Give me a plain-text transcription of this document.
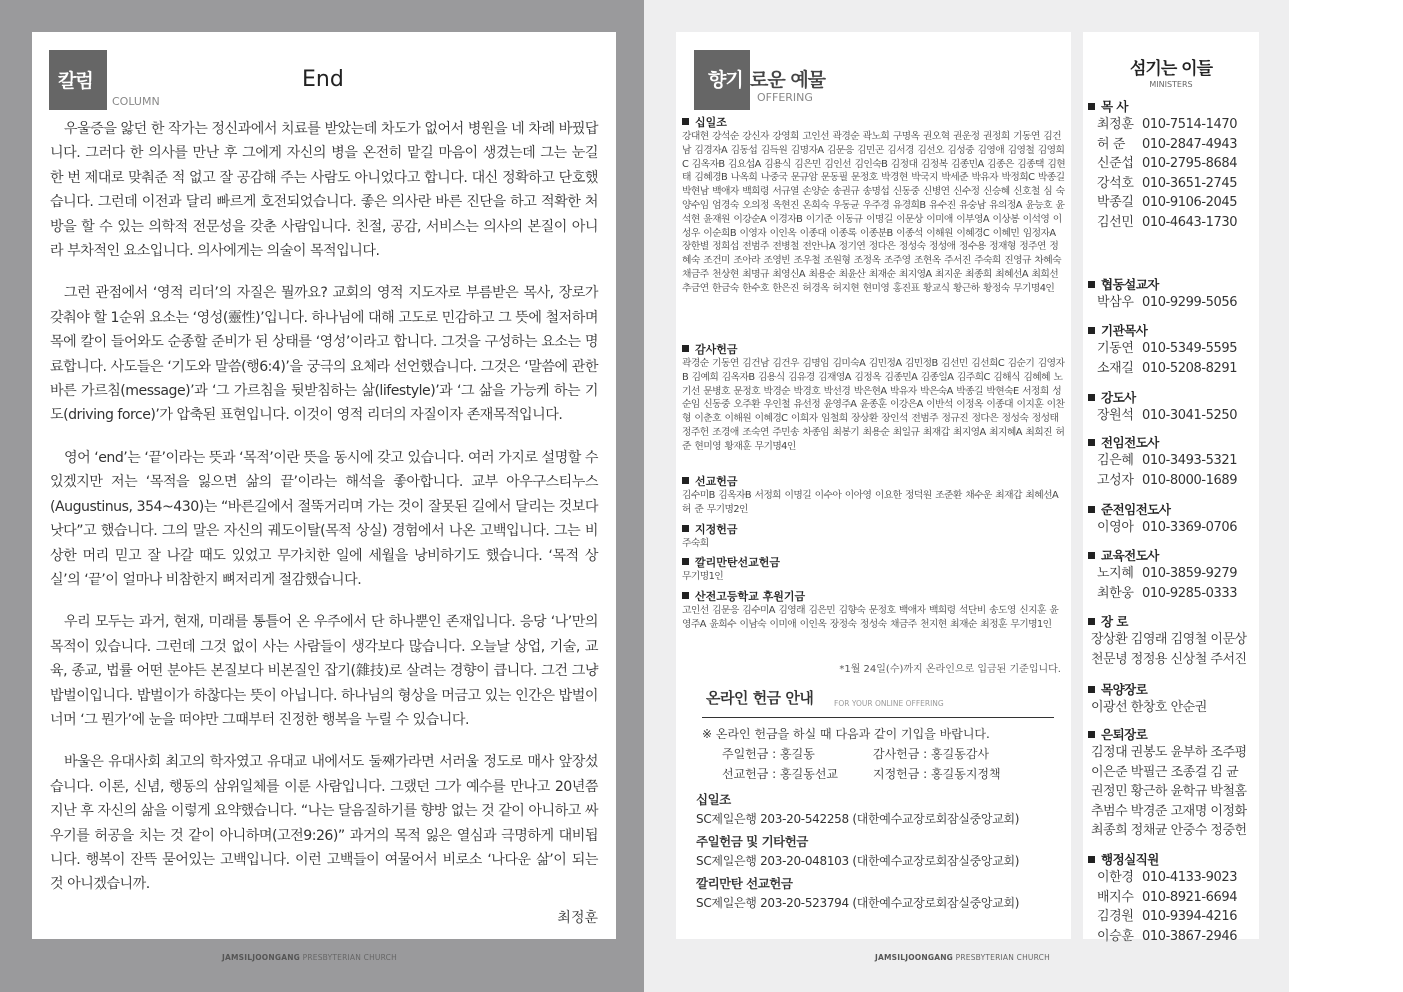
칼럼
COLUMN
End

우울증을 앓던 한 작가는 정신과에서 치료를 받았는데 차도가 없어서 병원을 네 차례 바꿨답니다. 그러다 한 의사를 만난 후 그에게 자신의 병을 온전히 맡길 마음이 생겼는데 그는 눈길 한 번 제대로 맞춰준 적 없고 잘 공감해 주는 사람도 아니었다고 합니다. 대신 정확하고 단호했습니다. 그런데 이전과 달리 빠르게 호전되었습니다. 좋은 의사란 바른 진단을 하고 적확한 처방을 할 수 있는 의학적 전문성을 갖춘 사람입니다. 친절, 공감, 서비스는 의사의 본질이 아니라 부차적인 요소입니다. 의사에게는 의술이 목적입니다.

그런 관점에서 ‘영적 리더’의 자질은 뭘까요? 교회의 영적 지도자로 부름받은 목사, 장로가 갖춰야 할 1순위 요소는 ‘영성(靈性)’입니다. 하나님에 대해 고도로 민감하고 그 뜻에 철저하며 목에 칼이 들어와도 순종할 준비가 된 상태를 ‘영성’이라고 합니다. 그것을 구성하는 요소는 명료합니다. 사도들은 ‘기도와 말씀(행6:4)’을 궁극의 요체라 선언했습니다. 그것은 ‘말씀에 관한 바른 가르침(message)’과 ‘그 가르침을 뒷받침하는 삶(lifestyle)’과 ‘그 삶을 가능케 하는 기도(driving force)’가 압축된 표현입니다. 이것이 영적 리더의 자질이자 존재목적입니다.

영어 ‘end’는 ‘끝’이라는 뜻과 ‘목적’이란 뜻을 동시에 갖고 있습니다. 여러 가지로 설명할 수 있겠지만 저는 ‘목적을 잃으면 삶의 끝’이라는 해석을 좋아합니다. 교부 아우구스티누스(Augustinus, 354~430)는 “바른길에서 절뚝거리며 가는 것이 잘못된 길에서 달리는 것보다 낫다”고 했습니다. 그의 말은 자신의 궤도이탈(목적 상실) 경험에서 나온 고백입니다. 그는 비상한 머리 믿고 잘 나갈 때도 있었고 무가치한 일에 세월을 낭비하기도 했습니다. ‘목적 상실’의 ‘끝’이 얼마나 비참한지 뼈저리게 절감했습니다.

우리 모두는 과거, 현재, 미래를 통틀어 온 우주에서 단 하나뿐인 존재입니다. 응당 ‘나’만의 목적이 있습니다. 그런데 그것 없이 사는 사람들이 생각보다 많습니다. 오늘날 상업, 기술, 교육, 종교, 법률 어떤 분야든 본질보다 비본질인 잡기(雜技)로 살려는 경향이 큽니다. 그건 그냥 밥벌이입니다. 밥벌이가 하찮다는 뜻이 아닙니다. 하나님의 형상을 머금고 있는 인간은 밥벌이 너머 ‘그 뭔가’에 눈을 떠야만 그때부터 진정한 행복을 누릴 수 있습니다.

바울은 유대사회 최고의 학자였고 유대교 내에서도 둘째가라면 서러울 정도로 매사 앞장섰습니다. 이론, 신념, 행동의 삼위일체를 이룬 사람입니다. 그랬던 그가 예수를 만나고 20년쯤 지난 후 자신의 삶을 이렇게 요약했습니다. “나는 달음질하기를 향방 없는 것 같이 아니하고 싸우기를 허공을 치는 것 같이 아니하며(고전9:26)” 과거의 목적 잃은 열심과 극명하게 대비됩니다. 행복이 잔뜩 묻어있는 고백입니다. 이런 고백들이 여물어서 비로소 ‘나다운 삶’이 되는 것 아니겠습니까.

최정훈
JAMSILJOONGANG PRESBYTERIAN CHURCH
향기 로운 예물
OFFERING
십일조

강대현 강석순 강신자 강영희 고인선 곽경순 곽노희 구명옥 권오혁 권운정 권정희 기동연 김건남 김경자A 김동섭 김득원 김명자A 김문응 김민곤 김서경 김선오 김성중 김영애 김영철 김영희C 김옥자B 김요섭A 김용식 김은민 김인선 김인숙B 김정대 김정복 김종민A 김종은 김종택 김현태 김혜경B 나옥희 나중국 문규암 문동필 문정호 박경현 박국지 박세준 박유자 박정희C 박종길 박현남 백애자 백희령 서규열 손양순 송권규 송명섭 신동중 신병연 신수정 신승혜 신호철 심 숙 양수임 엄경숙 오의정 옥현진 온희숙 우동균 우주경 유경희B 유수진 유숭남 유의정A 윤능호 윤석현 윤재원 이강순A 이경자B 이기준 이동규 이명길 이문상 이미애 이부영A 이상봉 이석영 이성우 이순희B 이영자 이인옥 이종대 이종록 이종분B 이종석 이해원 이혜경C 이혜민 임정자A 장한별 정희섭 전범주 전병철 전안나A 정기연 정다은 정성숙 정성애 정수용 정재형 정주연 정혜숙 조건미 조아라 조영빈 조우철 조원형 조정옥 조주영 조현옥 주서진 주숙희 진영규 차혜숙 채금주 천상현 최명규 최영신A 최용순 최윤산 최재순 최지영A 최지운 최종희 최혜선A 최희선 추금연 한금숙 한수호 한은진 허경옥 허지현 현미영 홍진표 황교식 황근하 황정숙 무기명4인

감사헌금

곽경순 기동연 김건남 김건우 김명임 김미숙A 김민정A 김민정B 김선민 김선희C 김순기 김영자B 김예희 김옥자B 김용식 김유경 김재영A 김정옥 김종민A 김종일A 김주희C 김해식 김혜혜 노기선 문병호 문정호 박경순 박경호 박선경 박은현A 박유자 박은숙A 박종길 박현숙E 서정희 성순임 신동중 오주환 우인철 유선정 윤영주A 윤종훈 이강은A 이반석 이정옥 이종대 이지훈 이찬형 이춘호 이해원 이혜경C 이희자 임철희 장상환 장인석 전범주 정규진 정다은 정성숙 정성태 정주헌 조경애 조숙연 주민송 차종임 최봉기 최용순 최일규 최재갑 최지영A 최지혜A 최희진 허 준 현미영 황재훈 무기명4인

선교헌금

김수미B 김옥자B 서정희 이명길 이수아 이아영 이요한 정덕원 조준환 채수운 최재갑 최혜선A 허 준 무기명2인

지정헌금

주숙희

깔리만탄선교헌금

무기명1인

산전고등학교 후원기금

고인선 김문응 김수미A 김영래 김은민 김향숙 문정호 백애자 백희령 석단비 송도영 신지훈 윤영주A 윤희수 이남숙 이미애 이인옥 장정숙 정성숙 채금주 천지현 최재순 최정훈 무기명1인

*1월 24일(수)까지 온라인으로 입금된 기준입니다.
온라인 헌금 안내	FOR YOUR ONLINE OFFERING
※ 온라인 헌금을 하실 때 다음과 같이 기입을 바랍니다.
주일헌금 : 홍길동
선교헌금 : 홍길동선교
감사헌금 : 홍길동감사
지정헌금 : 홍길동지정책
십일조
SC제일은행 203-20-542258 (대한예수교장로회잠실중앙교회)
주일헌금 및 기타헌금
SC제일은행 203-20-048103 (대한예수교장로회잠실중앙교회)
깔리만탄 선교헌금
SC제일은행 203-20-523794 (대한예수교장로회잠실중앙교회)
섬기는 이들
MINISTERS
목 사
최정훈 010-7514-1470
허 준 010-2847-4943
신준섭 010-2795-8684
강석호 010-3651-2745
박종길 010-9106-2045
김선민 010-4643-1730
협동설교자
박삼우 010-9299-5056
기관목사
기동연 010-5349-5595
소재길 010-5208-8291
강도사
장원석 010-3041-5250
전임전도사
김은혜 010-3493-5321
고성자 010-8000-1689
준전임전도사
이영아 010-3369-0706
교육전도사
노지혜 010-3859-9279
최한웅 010-9285-0333
장 로
장상환 김영래 김영철 이문상
천문녕 정정용 신상철 주서진
목양장로
이광선 한창호 안순권
은퇴장로
김정대 권봉도 윤부하 조주평
이은준 박필근 조종걸 김 균
권정민 황근하 윤학규 박철홈
추범수 박경준 고재명 이정화
최종희 정채균 안중수 정중헌
행정실직원
이한경 010-4133-9023
배지수 010-8921-6694
김경원 010-9394-4216
이승훈 010-3867-2946
JAMSILJOONGANG PRESBYTERIAN CHURCH
